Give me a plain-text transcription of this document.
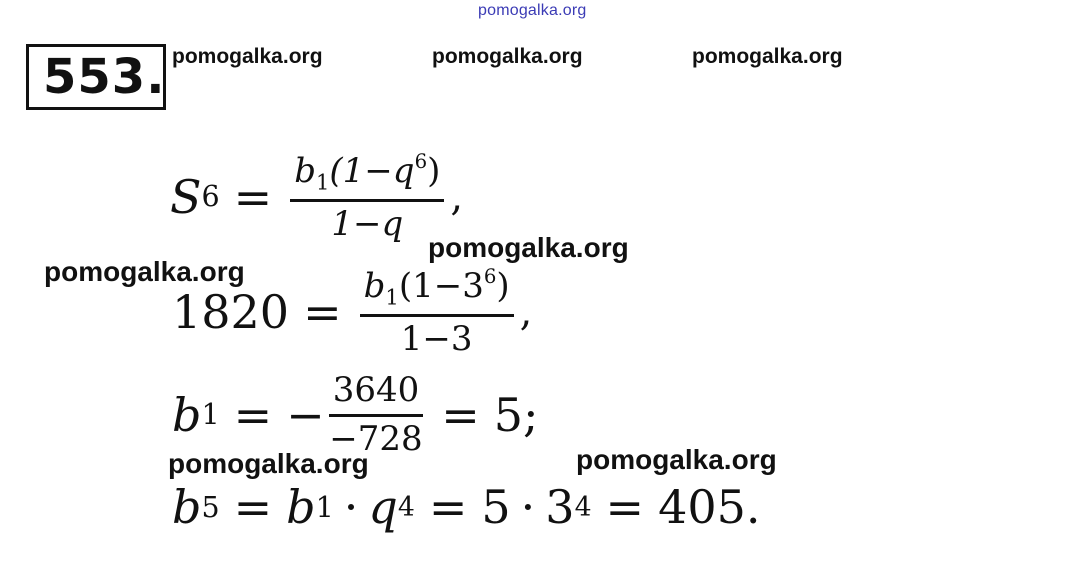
pomogalka.org
pomogalka.org	pomogalka.org	pomogalka.org
pomogalka.org
pomogalka.org
pomogalka.org	pomogalka.org
553.
S $6 = \frac{b_1(1-q^6)}{1-q}$ ,
$1820 = \frac{b_1(1-3^6)}{1-3}$ ,
b 1 = − $\frac{3640}{-728} = 5$;
b 5 = b 1 · q 4 = 5 · 3 4 = 405.
